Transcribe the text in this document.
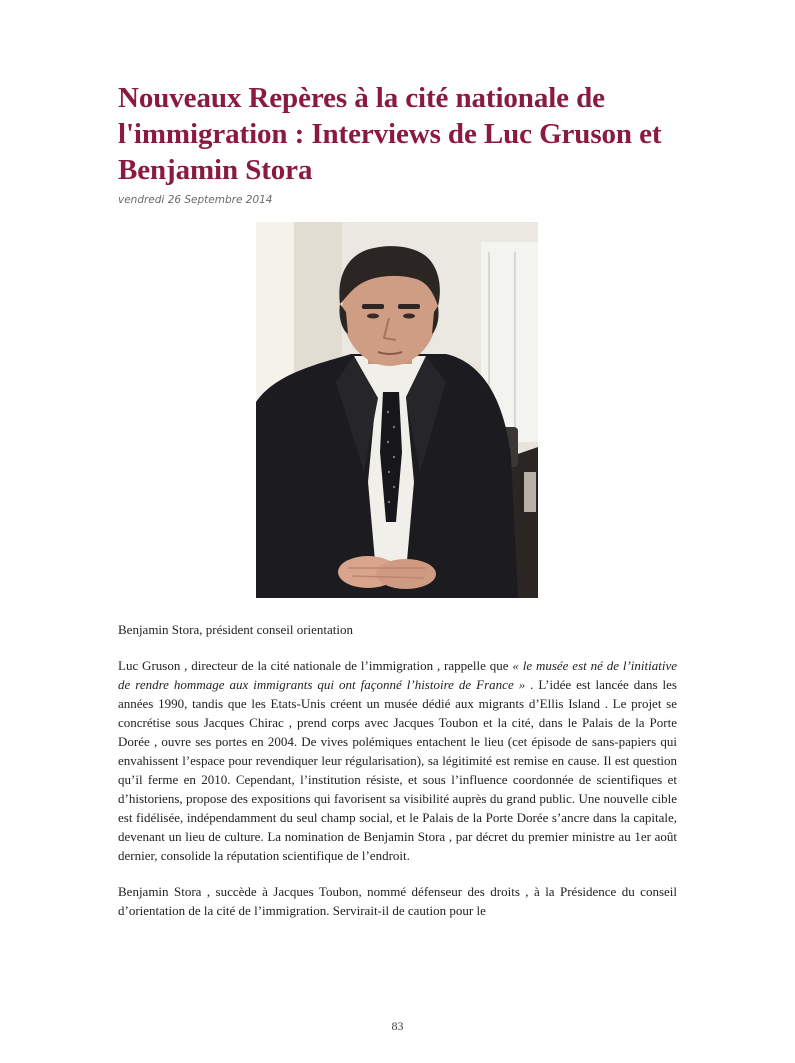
Nouveaux Repères à la cité nationale de l'immigration : Interviews de Luc Gruson et Benjamin Stora
vendredi 26 Septembre 2014

Benjamin Stora, président conseil orientation

Luc Gruson , directeur de la cité nationale de l’immigration , rappelle que « le musée est né de l’initiative de rendre hommage aux immigrants qui ont façonné l’histoire de France » . L’idée est lancée dans les années 1990, tandis que les Etats-Unis créent un musée dédié aux migrants d’Ellis Island . Le projet se concrétise sous Jacques Chirac , prend corps avec Jacques Toubon et la cité, dans le Palais de la Porte Dorée , ouvre ses portes en 2004. De vives polémiques entachent le lieu (cet épisode de sans-papiers qui envahissent l’espace pour revendiquer leur régularisation), sa légitimité est remise en cause. Il est question qu’il ferme en 2010. Cependant, l’institution résiste, et sous l’influence coordonnée de scientifiques et d’historiens, propose des expositions qui favorisent sa visibilité auprès du grand public. Une nouvelle cible est fidélisée, indépendamment du seul champ social, et le Palais de la Porte Dorée s’ancre dans la capitale, devenant un lieu de culture. La nomination de Benjamin Stora , par décret du premier ministre au 1er août dernier, consolide la réputation scientifique de l’endroit.

Benjamin Stora , succède à Jacques Toubon, nommé défenseur des droits , à la Présidence du conseil d’orientation de la cité de l’immigration. Servirait-il de caution pour le

83
